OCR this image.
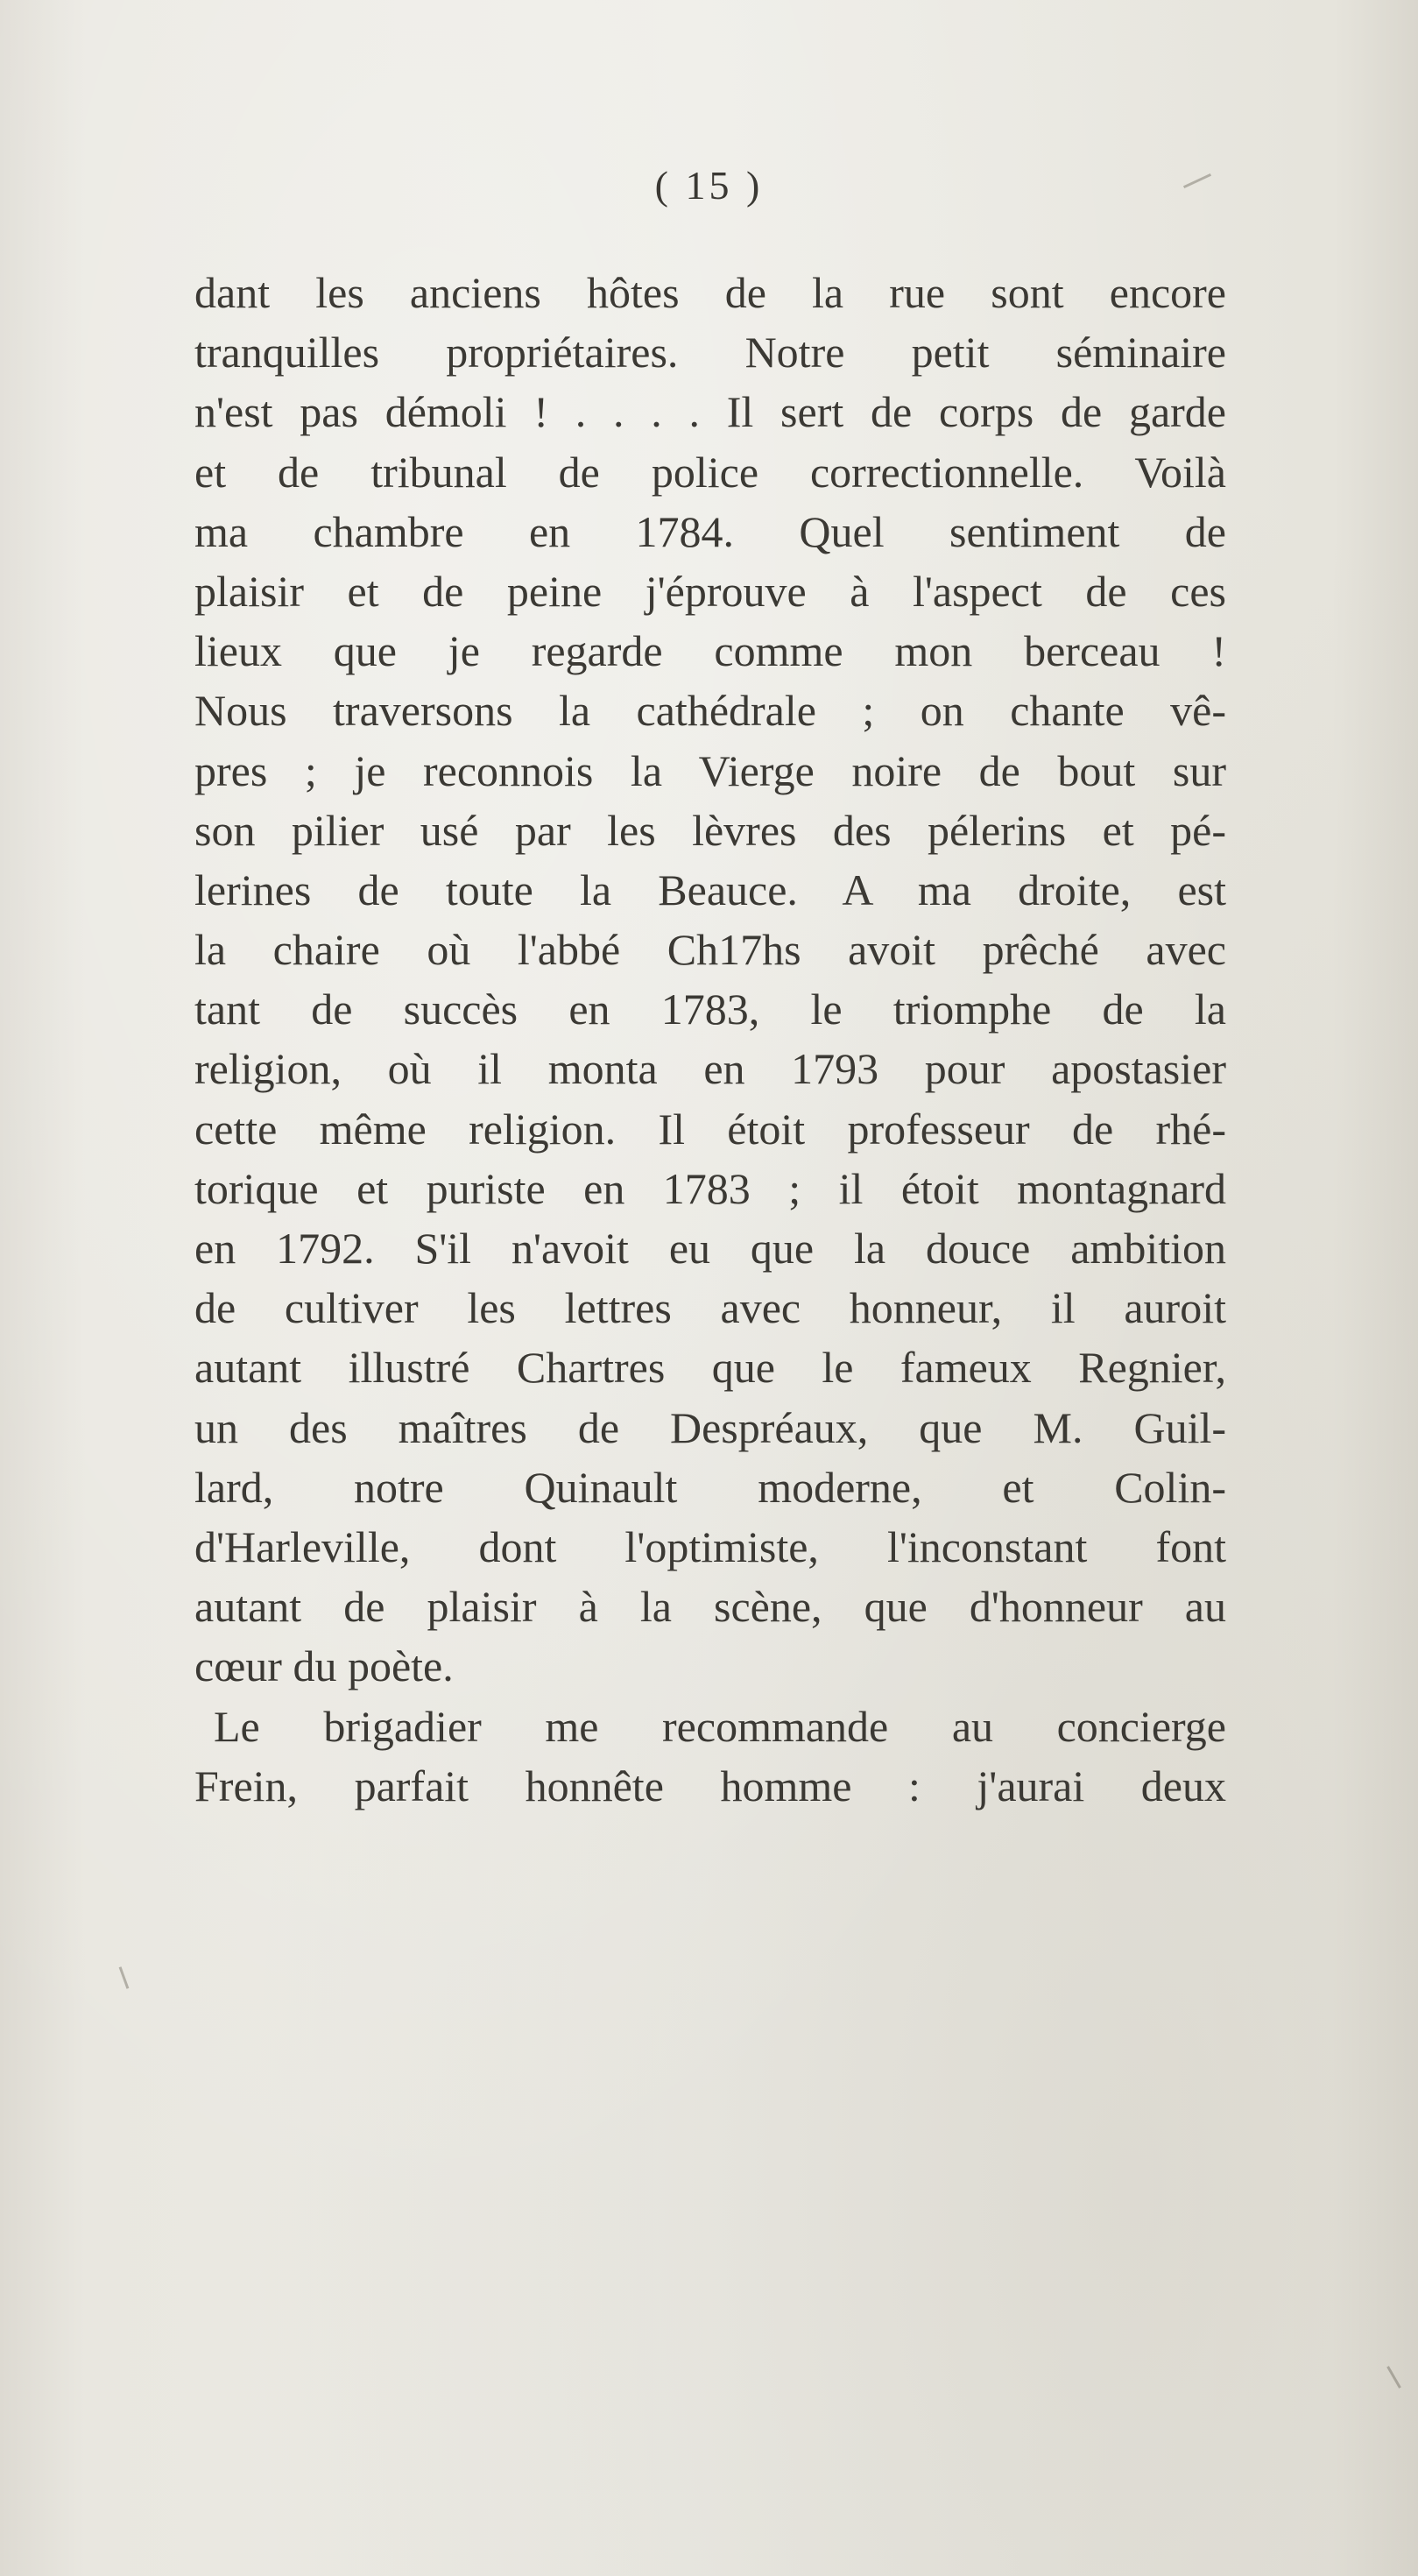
( 15 )
dant les anciens hôtes de la rue sont encore
tranquilles propriétaires. Notre petit séminaire
n'est pas démoli ! . . . . Il sert de corps de garde
et de tribunal de police correctionnelle. Voilà
ma chambre en 1784. Quel sentiment de
plaisir et de peine j'éprouve à l'aspect de ces
lieux que je regarde comme mon berceau !
Nous traversons la cathédrale ; on chante vê-
pres ; je reconnois la Vierge noire de bout sur
son pilier usé par les lèvres des pélerins et pé-
lerines de toute la Beauce. A ma droite, est
la chaire où l'abbé Ch17hs avoit prêché avec
tant de succès en 1783, le triomphe de la
religion, où il monta en 1793 pour apostasier
cette même religion. Il étoit professeur de rhé-
torique et puriste en 1783 ; il étoit montagnard
en 1792. S'il n'avoit eu que la douce ambition
de cultiver les lettres avec honneur, il auroit
autant illustré Chartres que le fameux Regnier,
un des maîtres de Despréaux, que M. Guil-
lard, notre Quinault moderne, et Colin-
d'Harleville, dont l'optimiste, l'inconstant font
autant de plaisir à la scène, que d'honneur au
cœur du poète.
Le brigadier me recommande au concierge
Frein, parfait honnête homme : j'aurai deux
